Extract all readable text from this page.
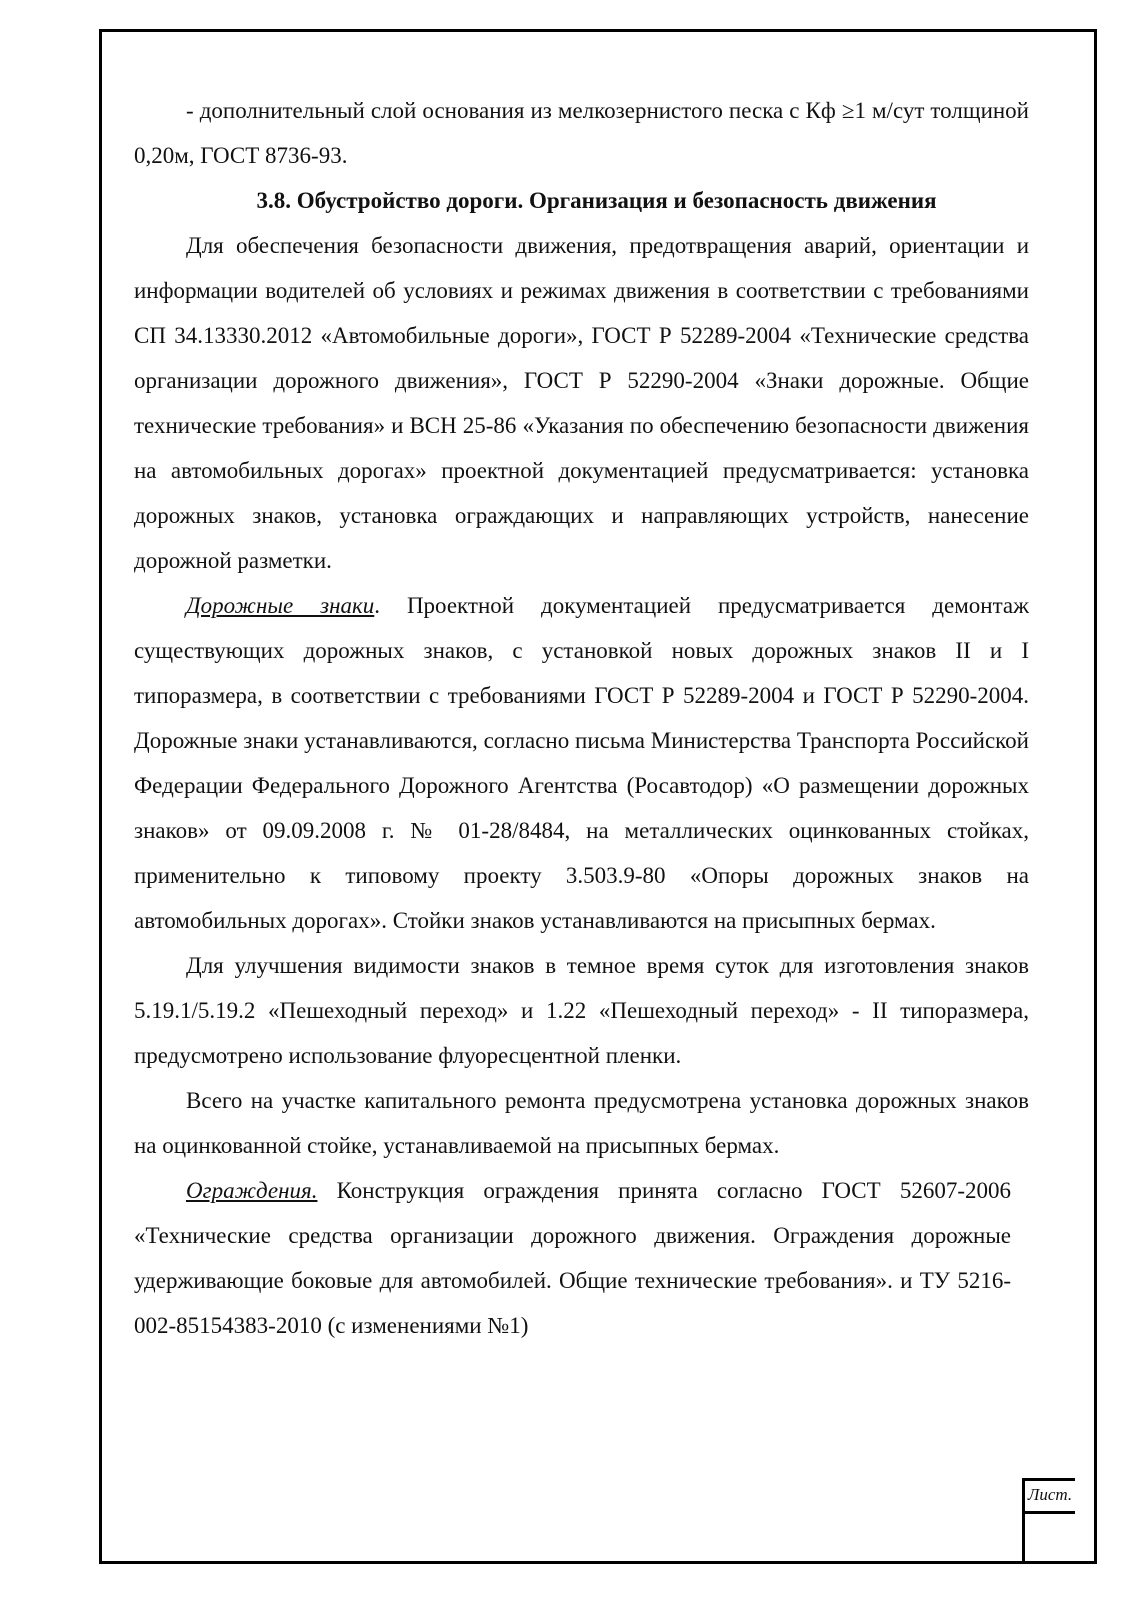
- дополнительный слой основания из мелкозернистого песка с Кф ≥1 м/сут толщиной 0,20м, ГОСТ 8736-93.

3.8. Обустройство дороги. Организация и безопасность движения

Для обеспечения безопасности движения, предотвращения аварий, ориентации и информации водителей об условиях и режимах движения в соответствии с требованиями СП 34.13330.2012 «Автомобильные дороги», ГОСТ Р 52289-2004 «Технические средства организации дорожного движения», ГОСТ Р 52290-2004 «Знаки дорожные. Общие технические требования» и ВСН 25-86 «Указания по обеспечению безопасности движения на автомобильных дорогах» проектной документацией предусматривается: установка дорожных знаков, установка ограждающих и направляющих устройств, нанесение дорожной разметки.

Дорожные знаки. Проектной документацией предусматривается демонтаж существующих дорожных знаков, с установкой новых дорожных знаков II и I типоразмера, в соответствии с требованиями ГОСТ Р 52289-2004 и ГОСТ Р 52290-2004. Дорожные знаки устанавливаются, согласно письма Министерства Транспорта Российской Федерации Федерального Дорожного Агентства (Росавтодор) «О размещении дорожных знаков» от 09.09.2008 г. № 01-28/8484, на металлических оцинкованных стойках, применительно к типовому проекту 3.503.9-80 «Опоры дорожных знаков на автомобильных дорогах». Стойки знаков устанавливаются на присыпных бермах.

Для улучшения видимости знаков в темное время суток для изготовления знаков 5.19.1/5.19.2 «Пешеходный переход» и 1.22 «Пешеходный переход» - II типоразмера, предусмотрено использование флуоресцентной пленки.

Всего на участке капитального ремонта предусмотрена установка дорожных знаков на оцинкованной стойке, устанавливаемой на присыпных бермах.

Ограждения. Конструкция ограждения принята согласно ГОСТ 52607-2006 «Технические средства организации дорожного движения. Ограждения дорожные удерживающие боковые для автомобилей. Общие технические требования». и ТУ 5216-002-85154383-2010 (с изменениями №1)

Лист.
